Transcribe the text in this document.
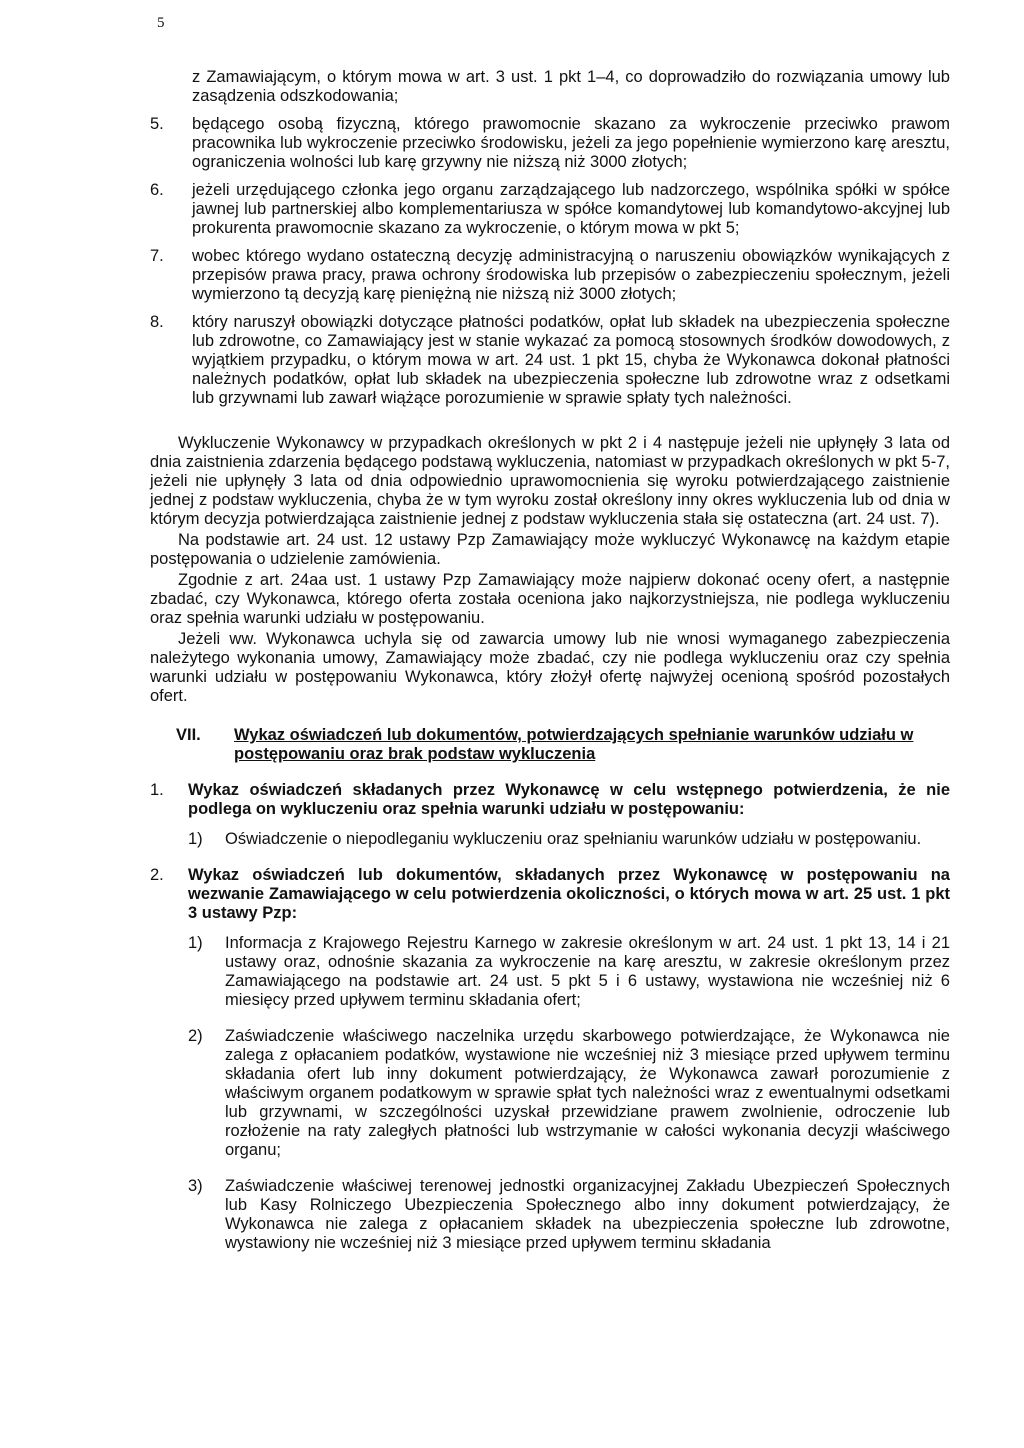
5

z Zamawiającym, o którym mowa w art. 3 ust. 1 pkt 1–4, co doprowadziło do rozwiązania umowy lub zasądzenia odszkodowania;

5.	będącego osobą fizyczną, którego prawomocnie skazano za wykroczenie przeciwko prawom pracownika lub wykroczenie przeciwko środowisku, jeżeli za jego popełnienie wymierzono karę aresztu, ograniczenia wolności lub karę grzywny nie niższą niż 3000 złotych;
6.	jeżeli urzędującego członka jego organu zarządzającego lub nadzorczego, wspólnika spółki w spółce jawnej lub partnerskiej albo komplementariusza w spółce komandytowej lub komandytowo-akcyjnej lub prokurenta prawomocnie skazano za wykroczenie, o którym mowa w pkt 5;
7.	wobec którego wydano ostateczną decyzję administracyjną o naruszeniu obowiązków wynikających z przepisów prawa pracy, prawa ochrony środowiska lub przepisów o zabezpieczeniu społecznym, jeżeli wymierzono tą decyzją karę pieniężną nie niższą niż 3000 złotych;
8.	który naruszył obowiązki dotyczące płatności podatków, opłat lub składek na ubezpieczenia społeczne lub zdrowotne, co Zamawiający jest w stanie wykazać za pomocą stosownych środków dowodowych, z wyjątkiem przypadku, o którym mowa w art. 24 ust. 1 pkt 15, chyba że Wykonawca dokonał płatności należnych podatków, opłat lub składek na ubezpieczenia społeczne lub zdrowotne wraz z odsetkami lub grzywnami lub zawarł wiążące porozumienie w sprawie spłaty tych należności.

Wykluczenie Wykonawcy w przypadkach określonych w pkt 2 i 4 następuje jeżeli nie upłynęły 3 lata od dnia zaistnienia zdarzenia będącego podstawą wykluczenia, natomiast w przypadkach określonych w pkt 5-7, jeżeli nie upłynęły 3 lata od dnia odpowiednio uprawomocnienia się wyroku potwierdzającego zaistnienie jednej z podstaw wykluczenia, chyba że w tym wyroku został określony inny okres wykluczenia lub od dnia w którym decyzja potwierdzająca zaistnienie jednej z podstaw wykluczenia stała się ostateczna (art. 24 ust. 7).

Na podstawie art. 24 ust. 12 ustawy Pzp Zamawiający może wykluczyć Wykonawcę na każdym etapie postępowania o udzielenie zamówienia.

Zgodnie z art. 24aa ust. 1 ustawy Pzp Zamawiający może najpierw dokonać oceny ofert, a następnie zbadać, czy Wykonawca, którego oferta została oceniona jako najkorzystniejsza, nie podlega wykluczeniu oraz spełnia warunki udziału w postępowaniu.

Jeżeli ww. Wykonawca uchyla się od zawarcia umowy lub nie wnosi wymaganego zabezpieczenia należytego wykonania umowy, Zamawiający może zbadać, czy nie podlega wykluczeniu oraz czy spełnia warunki udziału w postępowaniu Wykonawca, który złożył ofertę najwyżej ocenioną spośród pozostałych ofert.

VII.	Wykaz oświadczeń lub dokumentów, potwierdzających spełnianie warunków udziału w postępowaniu oraz brak podstaw wykluczenia
1.	Wykaz oświadczeń składanych przez Wykonawcę w celu wstępnego potwierdzenia, że nie podlega on wykluczeniu oraz spełnia warunki udziału w postępowaniu:
1)	Oświadczenie o niepodleganiu wykluczeniu oraz spełnianiu warunków udziału w postępowaniu.
2.	Wykaz oświadczeń lub dokumentów, składanych przez Wykonawcę w postępowaniu na wezwanie Zamawiającego w celu potwierdzenia okoliczności, o których mowa w art. 25 ust. 1 pkt 3 ustawy Pzp:
1)	Informacja z Krajowego Rejestru Karnego w zakresie określonym w art. 24 ust. 1 pkt 13, 14 i 21 ustawy oraz, odnośnie skazania za wykroczenie na karę aresztu, w zakresie określonym przez Zamawiającego na podstawie art. 24 ust. 5 pkt 5 i 6 ustawy, wystawiona nie wcześniej niż 6 miesięcy przed upływem terminu składania ofert;
2)	Zaświadczenie właściwego naczelnika urzędu skarbowego potwierdzające, że Wykonawca nie zalega z opłacaniem podatków, wystawione nie wcześniej niż 3 miesiące przed upływem terminu składania ofert lub inny dokument potwierdzający, że Wykonawca zawarł porozumienie z właściwym organem podatkowym w sprawie spłat tych należności wraz z ewentualnymi odsetkami lub grzywnami, w szczególności uzyskał przewidziane prawem zwolnienie, odroczenie lub rozłożenie na raty zaległych płatności lub wstrzymanie w całości wykonania decyzji właściwego organu;
3)	Zaświadczenie właściwej terenowej jednostki organizacyjnej Zakładu Ubezpieczeń Społecznych lub Kasy Rolniczego Ubezpieczenia Społecznego albo inny dokument potwierdzający, że Wykonawca nie zalega z opłacaniem składek na ubezpieczenia społeczne lub zdrowotne, wystawiony nie wcześniej niż 3 miesiące przed upływem terminu składania
